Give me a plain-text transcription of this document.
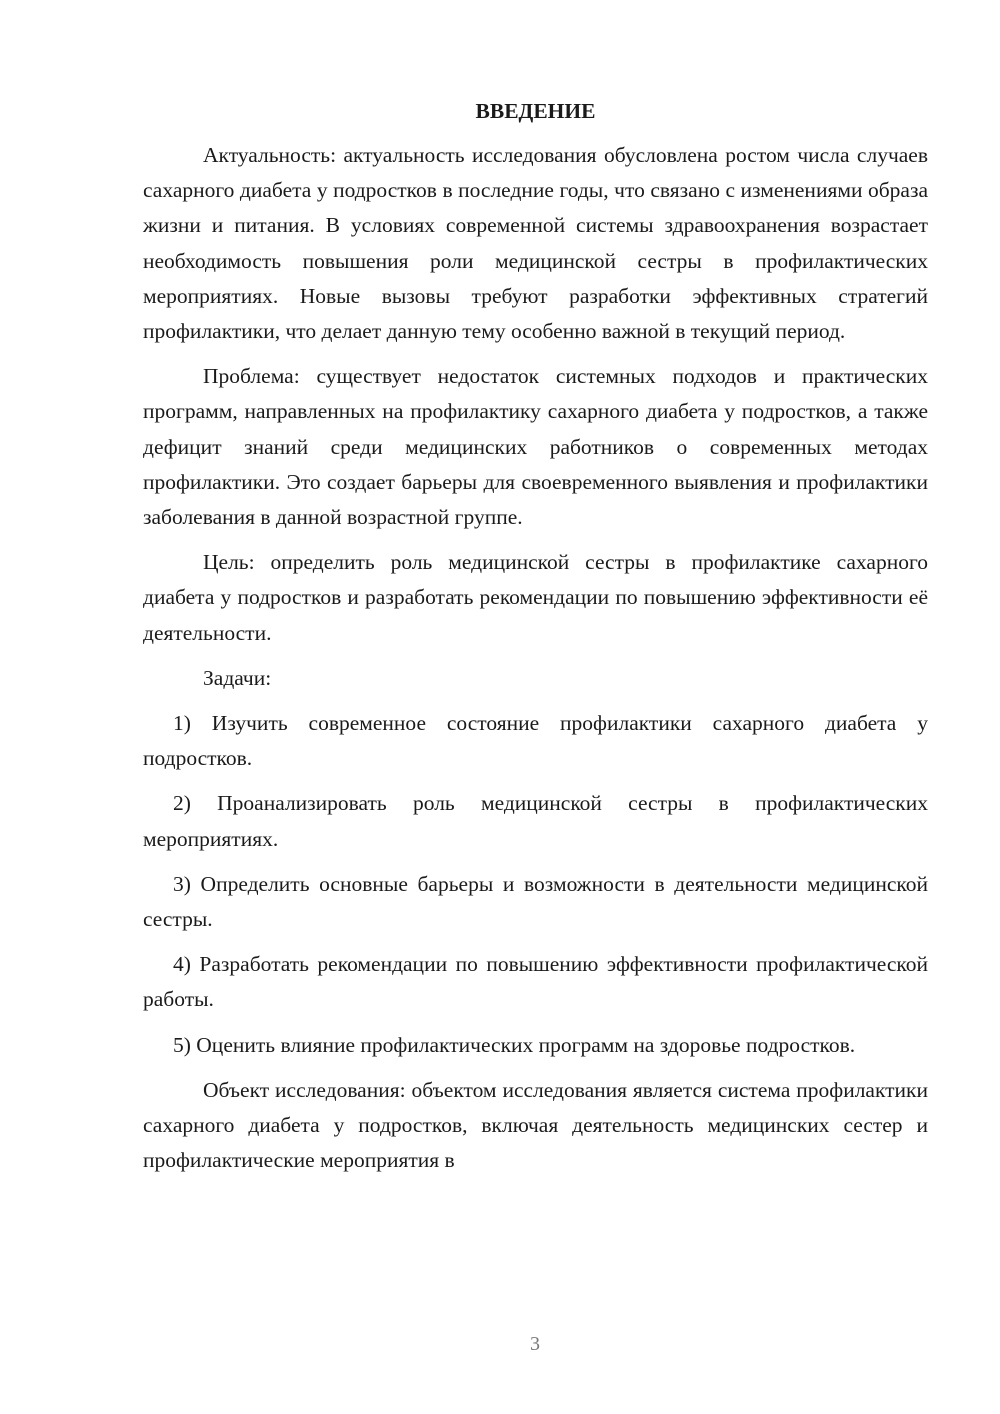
ВВЕДЕНИЕ

Актуальность: актуальность исследования обусловлена ростом числа случаев сахарного диабета у подростков в последние годы, что связано с изменениями образа жизни и питания. В условиях современной системы здравоохранения возрастает необходимость повышения роли медицинской сестры в профилактических мероприятиях. Новые вызовы требуют разработки эффективных стратегий профилактики, что делает данную тему особенно важной в текущий период.

Проблема: существует недостаток системных подходов и практических программ, направленных на профилактику сахарного диабета у подростков, а также дефицит знаний среди медицинских работников о современных методах профилактики. Это создает барьеры для своевременного выявления и профилактики заболевания в данной возрастной группе.

Цель: определить роль медицинской сестры в профилактике сахарного диабета у подростков и разработать рекомендации по повышению эффективности её деятельности.

Задачи:

1) Изучить современное состояние профилактики сахарного диабета у подростков.

2) Проанализировать роль медицинской сестры в профилактических мероприятиях.

3) Определить основные барьеры и возможности в деятельности медицинской сестры.

4) Разработать рекомендации по повышению эффективности профилактической работы.

5) Оценить влияние профилактических программ на здоровье подростков.

Объект исследования: объектом исследования является система профилактики сахарного диабета у подростков, включая деятельность медицинских сестер и профилактические мероприятия в

3
